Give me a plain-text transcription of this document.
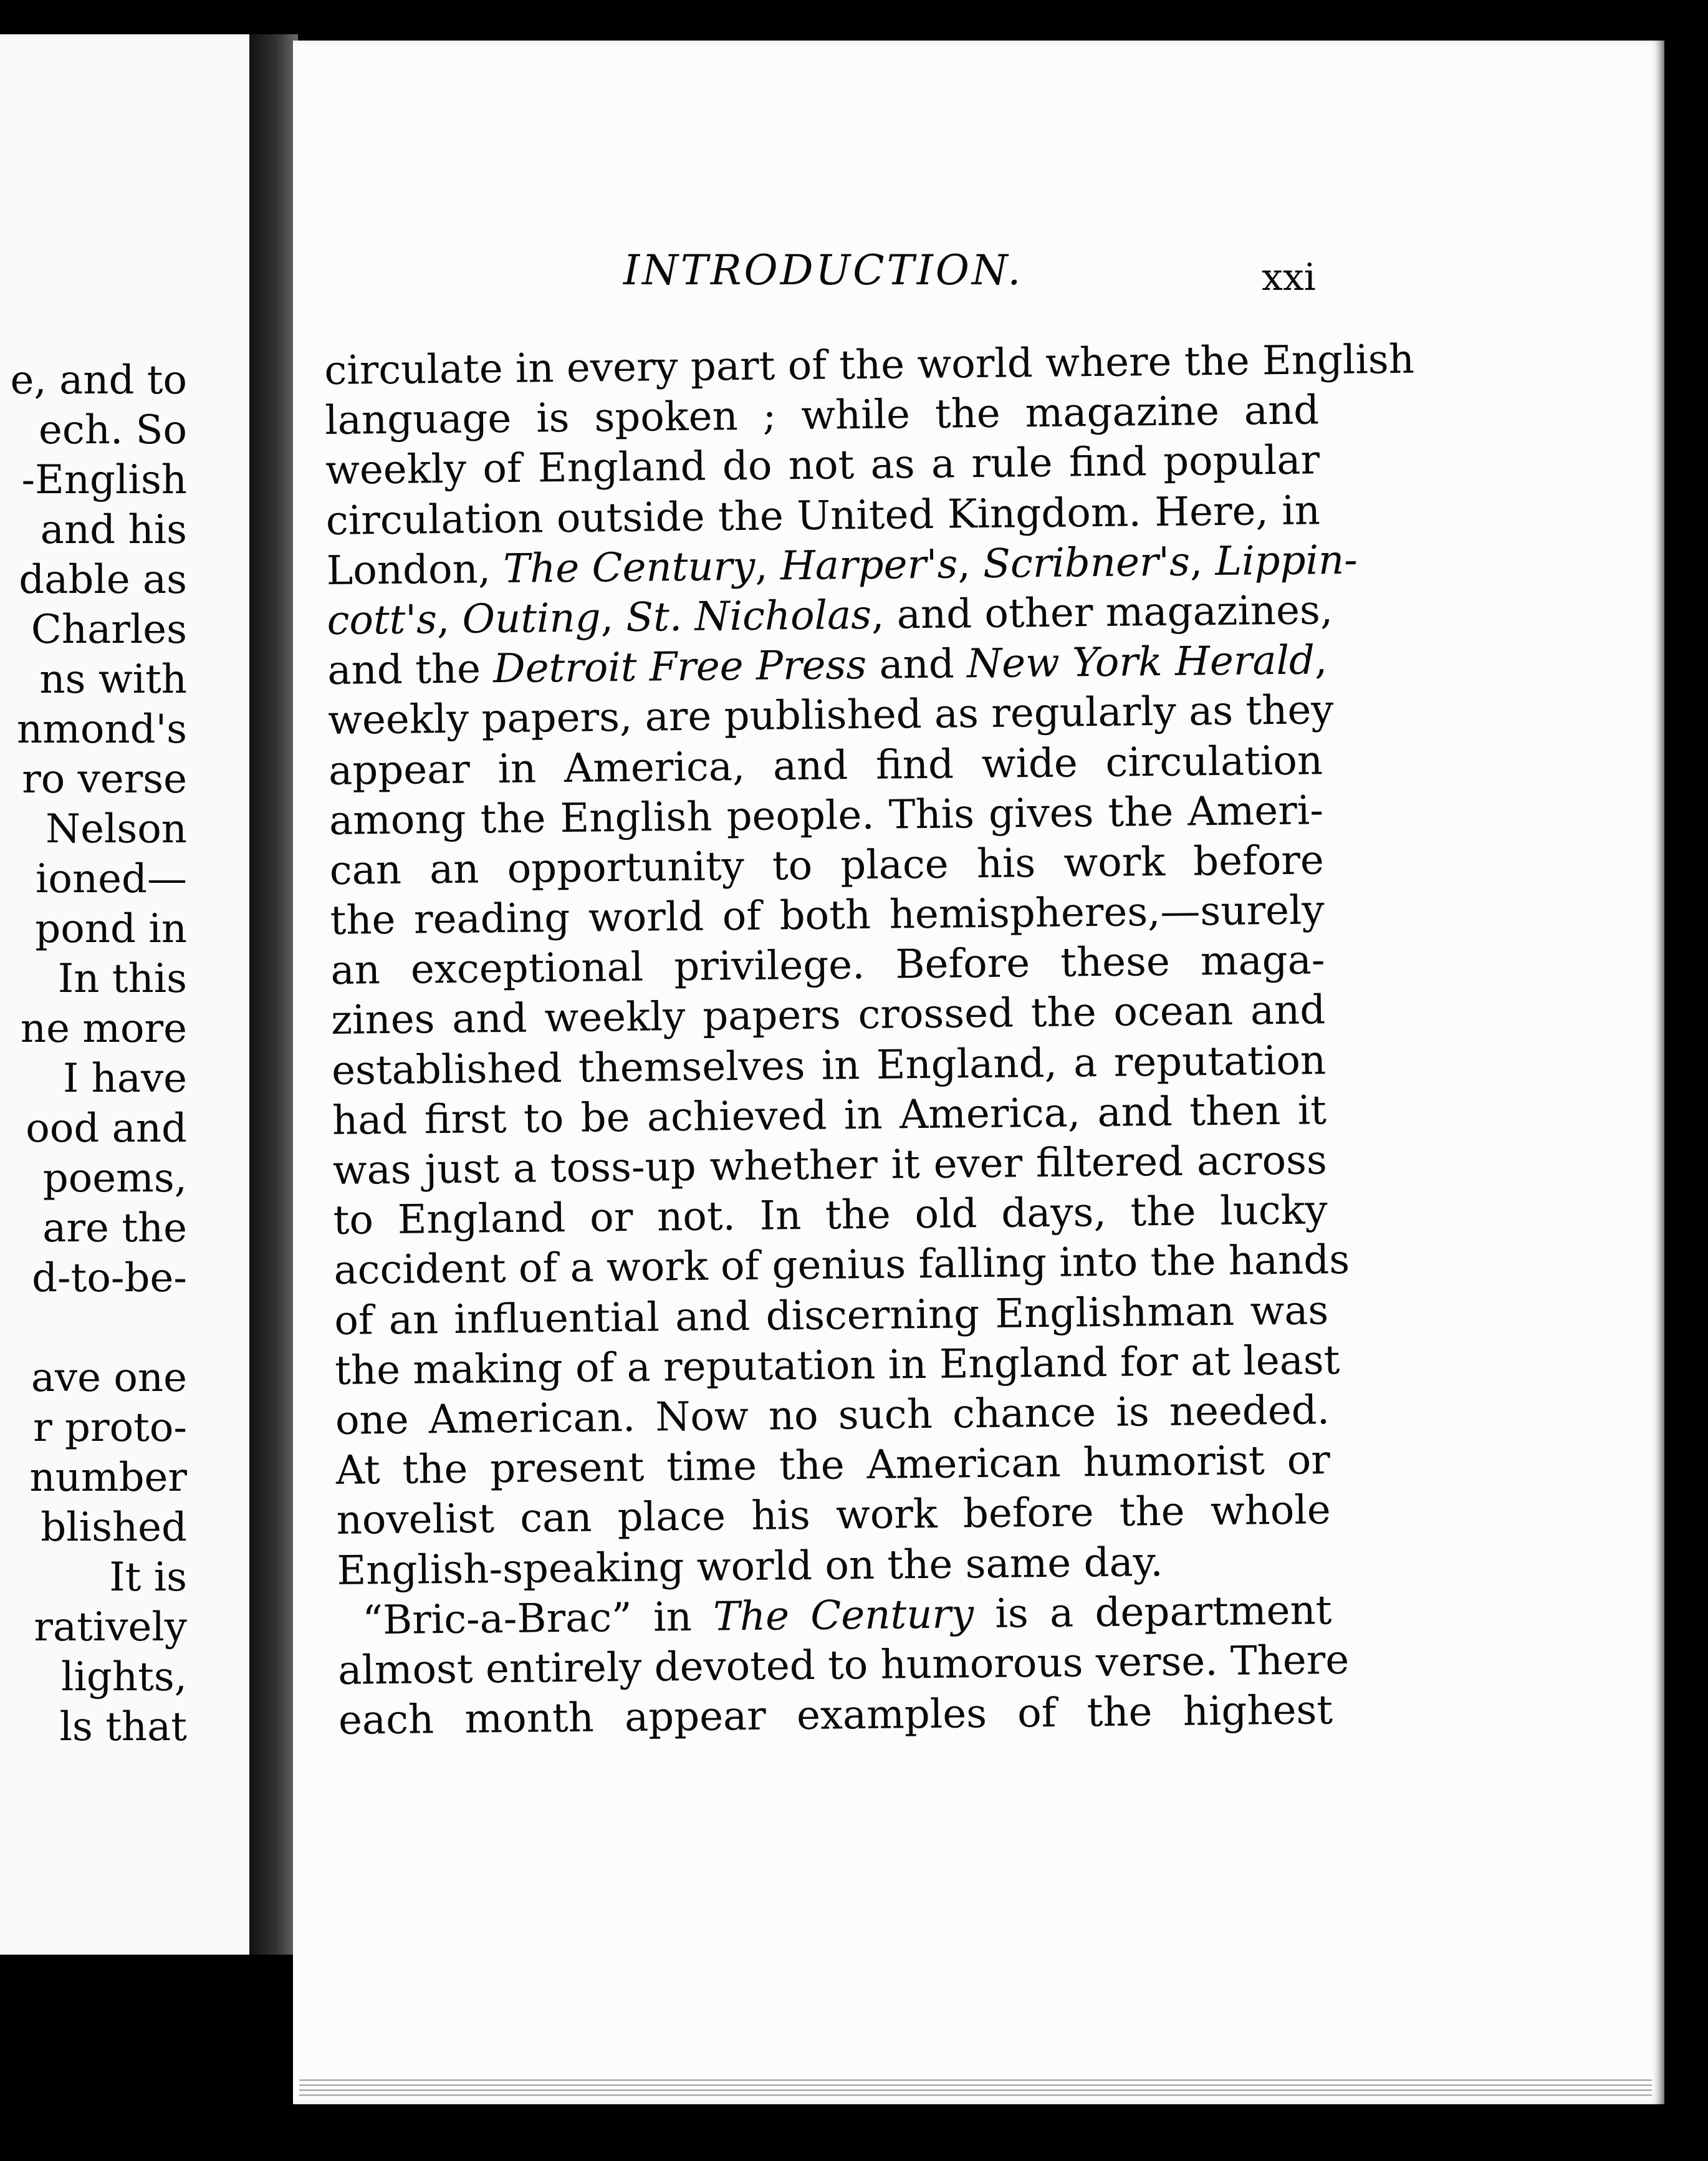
e, and to
ech. So
-English
and his
dable as
Charles
ns with
nmond's
ro verse
Nelson
ioned—
pond in
In this
ne more
I have
ood and
poems,
are the
d-to-be-
ave one
r proto-
number
blished
It is
ratively
lights,
ls that
INTRODUCTION.	xxi
circulate in every part of the world where the English
language is spoken ; while the magazine and
weekly of England do not as a rule find popular
circulation outside the United Kingdom. Here, in
London, The Century, Harper's, Scribner's, Lippin-
cott's, Outing, St. Nicholas, and other magazines,
and the Detroit Free Press and New York Herald,
weekly papers, are published as regularly as they
appear in America, and find wide circulation
among the English people. This gives the Ameri-
can an opportunity to place his work before
the reading world of both hemispheres,—surely
an exceptional privilege. Before these maga-
zines and weekly papers crossed the ocean and
established themselves in England, a reputation
had first to be achieved in America, and then it
was just a toss-up whether it ever filtered across
to England or not. In the old days, the lucky
accident of a work of genius falling into the hands
of an influential and discerning Englishman was
the making of a reputation in England for at least
one American. Now no such chance is needed.
At the present time the American humorist or
novelist can place his work before the whole
English-speaking world on the same day.
“Bric-a-Brac” in The Century is a department
almost entirely devoted to humorous verse. There
each month appear examples of the highest
